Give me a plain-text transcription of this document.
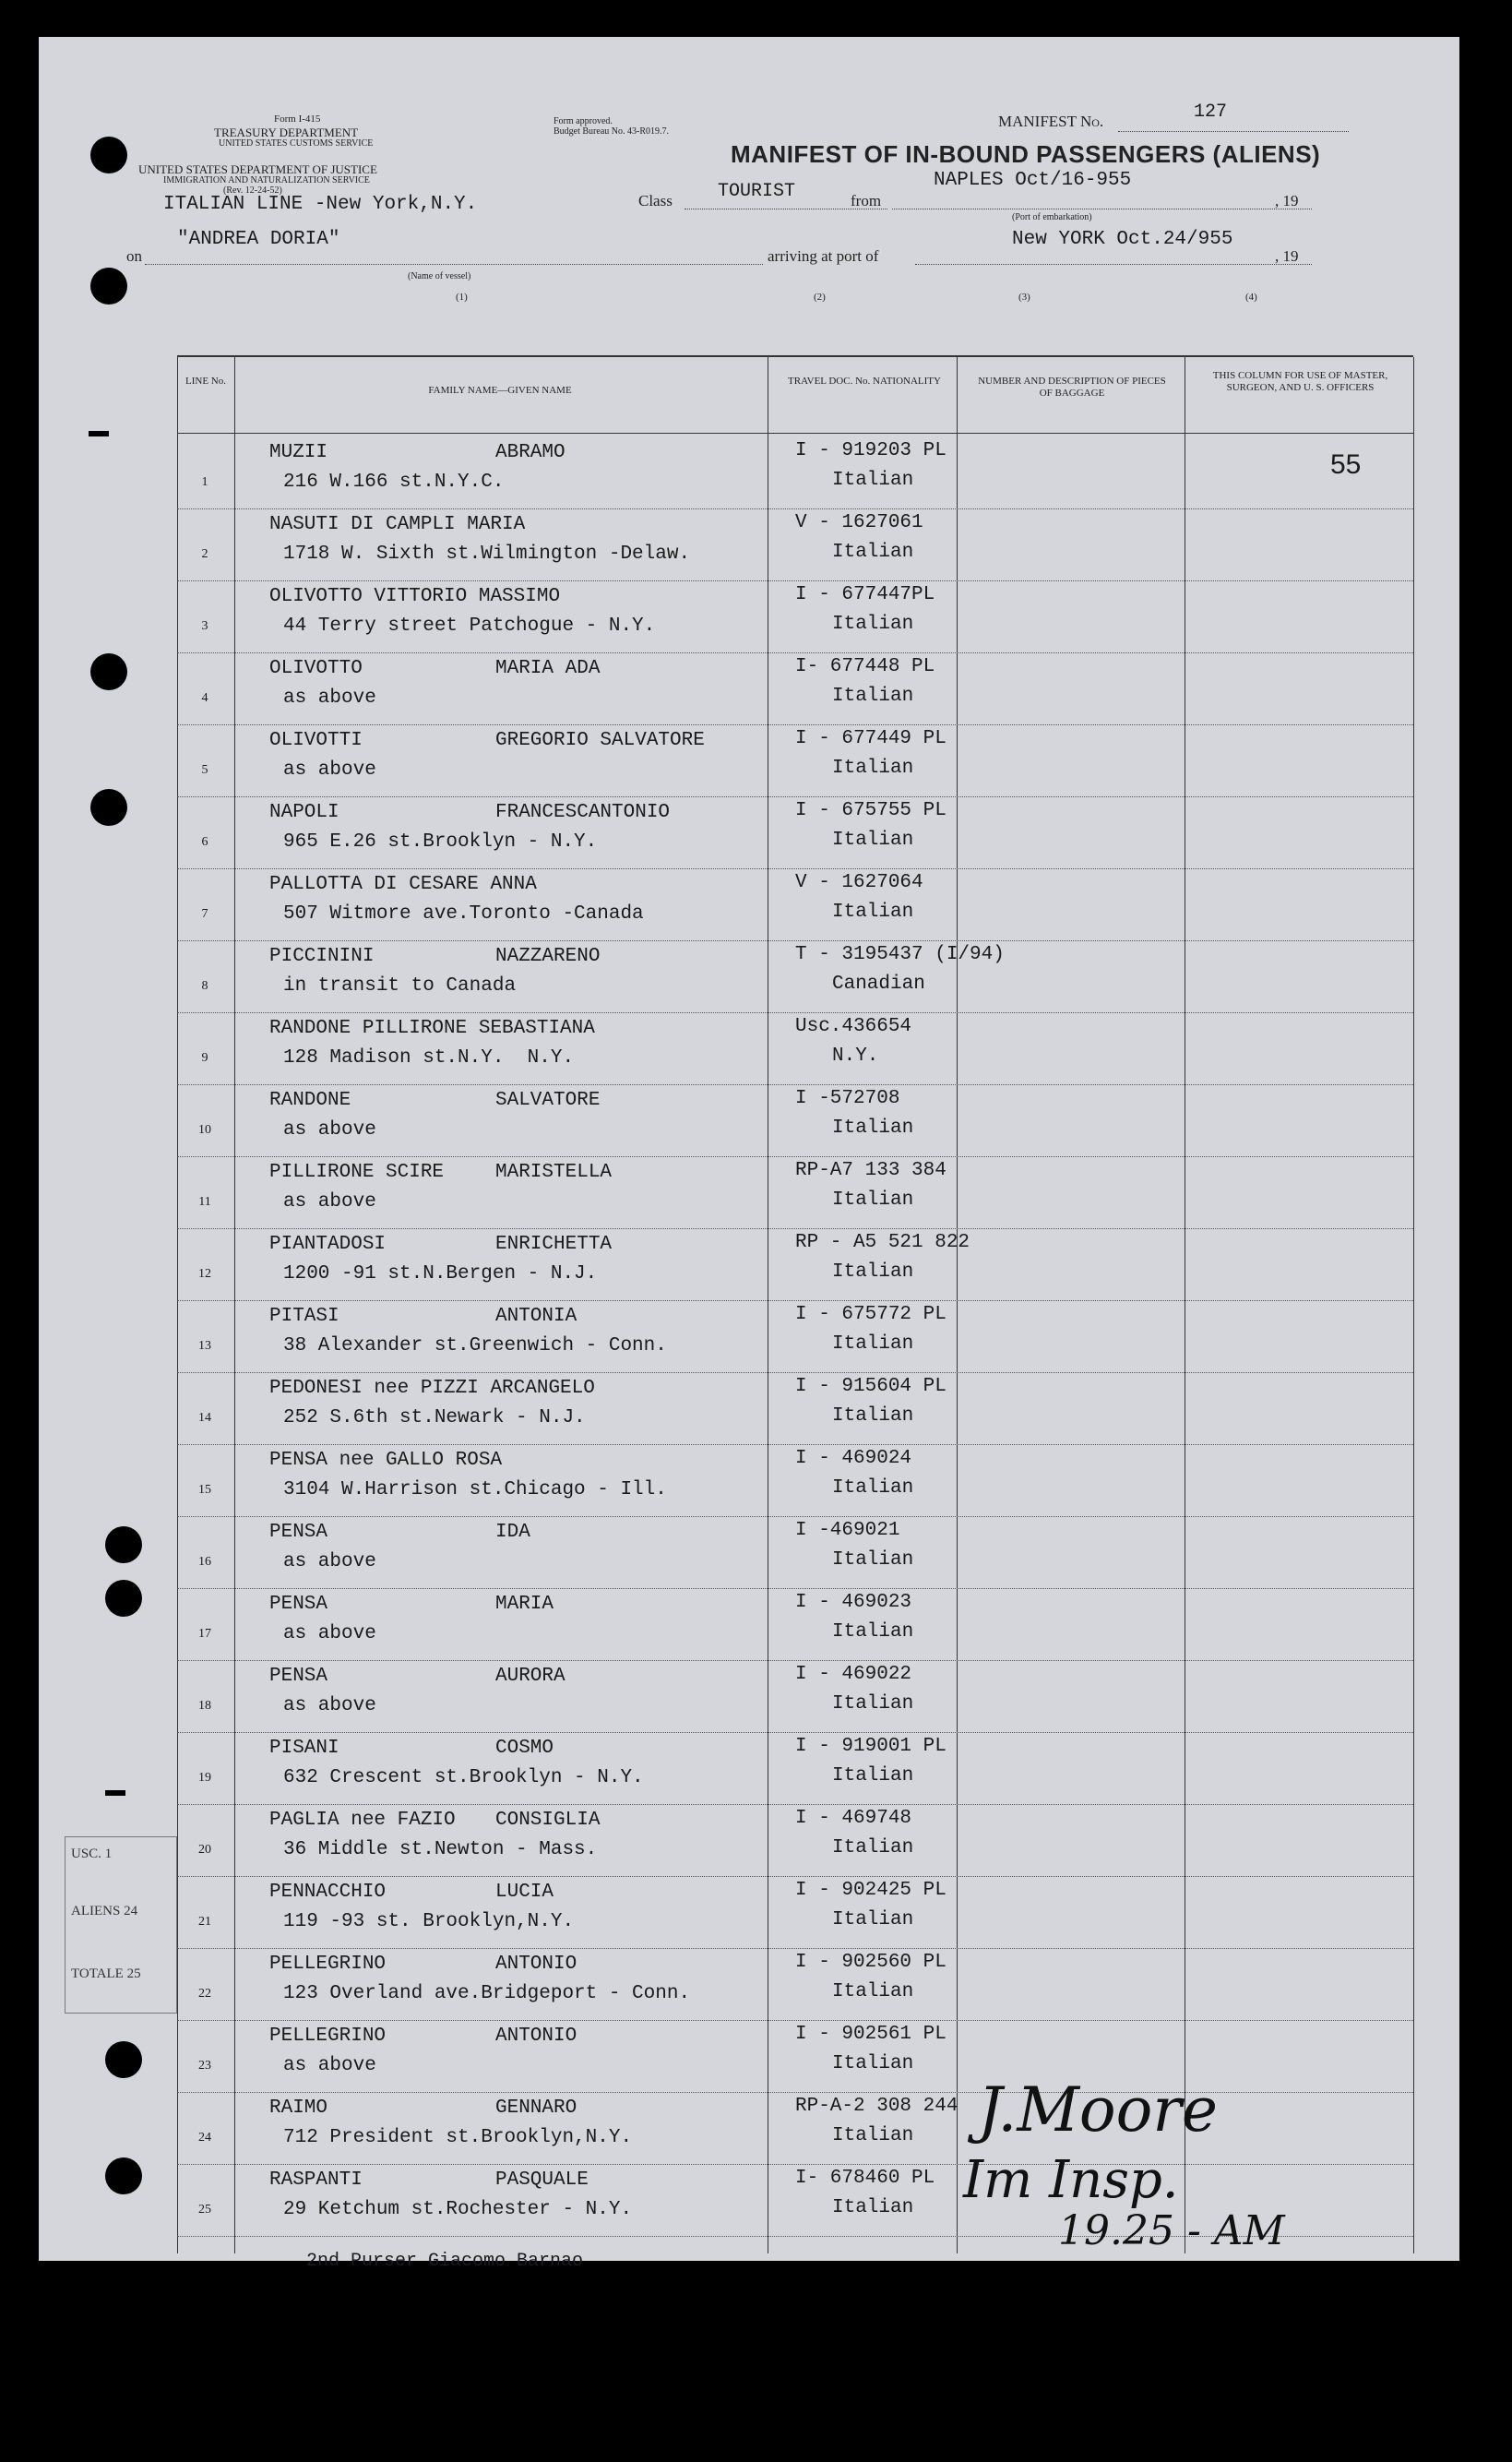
Form I-415
TREASURY DEPARTMENT
UNITED STATES CUSTOMS SERVICE
Form approved.
Budget Bureau No. 43-R019.7.
UNITED STATES DEPARTMENT OF JUSTICE
IMMIGRATION AND NATURALIZATION SERVICE
(Rev. 12-24-52)
MANIFEST No.	127
MANIFEST OF IN-BOUND PASSENGERS (ALIENS)
ITALIAN LINE -New York,N.Y.	Class TOURIST	from
NAPLES Oct/16-955
, 19
(Port of embarkation)
on
"ANDREA DORIA"
arriving at port of
New YORK Oct.24/955
, 19
(Name of vessel)
(1)	(2)	(3)	(4)
LINE No.
FAMILY NAME—GIVEN NAME
TRAVEL DOC. No. NATIONALITY	NUMBER AND DESCRIPTION OF PIECES OF BAGGAGE
THIS COLUMN FOR USE OF MASTER, SURGEON, AND U. S. OFFICERS
55
1
MUZII	ABRAMO
216 W.166 st.N.Y.C.
I - 919203 PL
Italian
2
NASUTI DI CAMPLI MARIA
1718 W. Sixth st.Wilmington -Delaw.
V - 1627061
Italian
3
OLIVOTTO VITTORIO MASSIMO
44 Terry street Patchogue - N.Y.
I - 677447PL
Italian
4
OLIVOTTO	MARIA ADA
as above
I- 677448 PL
Italian
5
OLIVOTTI	GREGORIO SALVATORE
as above
I - 677449 PL
Italian
6
NAPOLI	FRANCESCANTONIO
965 E.26 st.Brooklyn - N.Y.
I - 675755 PL
Italian
7
PALLOTTA DI CESARE ANNA
507 Witmore ave.Toronto -Canada
V - 1627064
Italian
8
PICCININI	NAZZARENO
in transit to Canada
T - 3195437 (I/94)
Canadian
9
RANDONE PILLIRONE SEBASTIANA
128 Madison st.N.Y.  N.Y.
Usc.436654
N.Y.
10
RANDONE	SALVATORE
as above
I -572708
Italian
11
PILLIRONE SCIRE	MARISTELLA
as above
RP-A7 133 384
Italian
12
PIANTADOSI	ENRICHETTA
1200 -91 st.N.Bergen - N.J.
RP - A5 521 822
Italian
13
PITASI	ANTONIA
38 Alexander st.Greenwich - Conn.
I - 675772 PL
Italian
14
PEDONESI nee PIZZI ARCANGELO
252 S.6th st.Newark - N.J.
I - 915604 PL
Italian
15
PENSA nee GALLO ROSA
3104 W.Harrison st.Chicago - Ill.
I - 469024
Italian
16
PENSA	IDA
as above
I -469021
Italian
17
PENSA	MARIA
as above
I - 469023
Italian
18
PENSA	AURORA
as above
I - 469022
Italian
19
PISANI	COSMO
632 Crescent st.Brooklyn - N.Y.
I - 919001 PL
Italian
20
PAGLIA nee FAZIO CONSIGLIA
36 Middle st.Newton - Mass.
I - 469748
Italian
21
PENNACCHIO	LUCIA
119 -93 st. Brooklyn,N.Y.
I - 902425 PL
Italian
22
PELLEGRINO	ANTONIO
123 Overland ave.Bridgeport - Conn.
I - 902560 PL
Italian
23
PELLEGRINO	ANTONIO
as above
I - 902561 PL
Italian
24
RAIMO	GENNARO
712 President st.Brooklyn,N.Y.
RP-A-2 308 244
Italian
25
RASPANTI	PASQUALE
29 Ketchum st.Rochester - N.Y.
I- 678460 PL
Italian
2nd Purser Giacomo Barnao
USC. 1
ALIENS 24
TOTALE 25
J.Moore
Im Insp.
19.25 - AM
